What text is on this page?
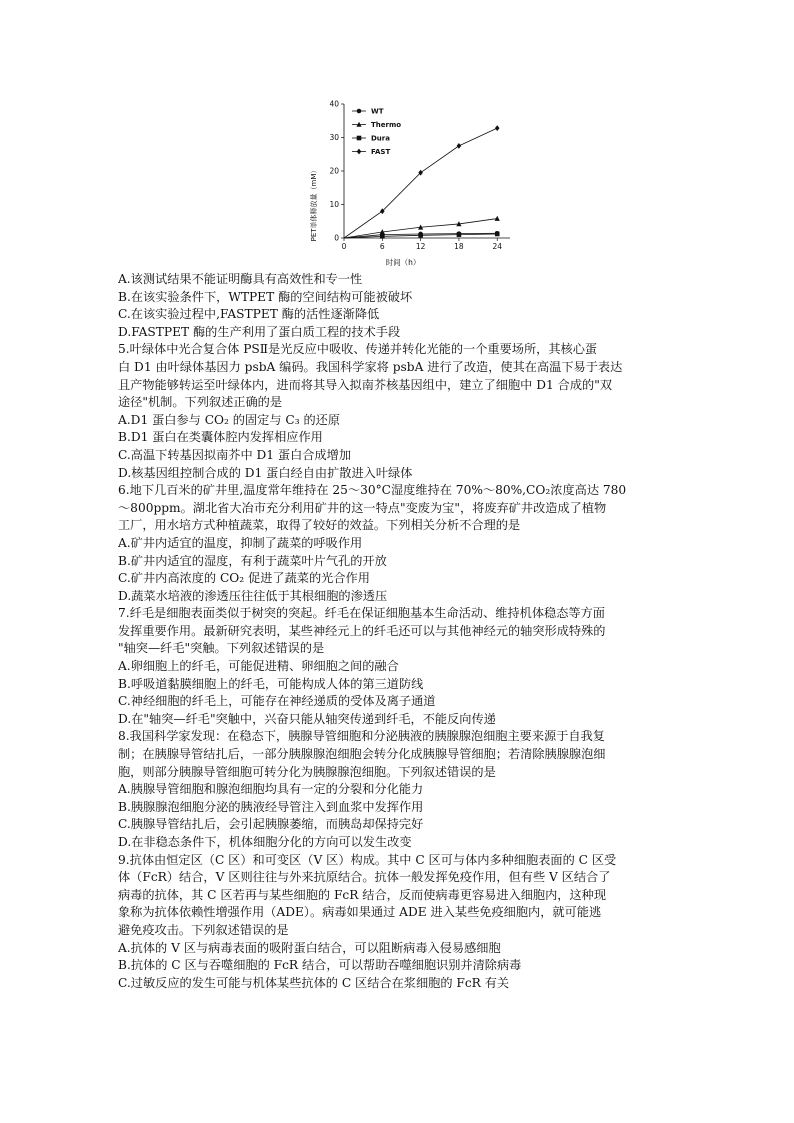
0	6	12	18	24
0
10
20
30
40
WT
Thermo
Dura
FAST
PET单体释放量（mM）
时间（h）
A.该测试结果不能证明酶具有高效性和专一性
B.在该实验条件下，WTPET 酶的空间结构可能被破坏
C.在该实验过程中,FASTPET 酶的活性逐渐降低
D.FASTPET 酶的生产利用了蛋白质工程的技术手段
5.叶绿体中光合复合体 PSⅡ是光反应中吸收、传递并转化光能的一个重要场所，其核心蛋
白 D1 由叶绿体基因力 psbA 编码。我国科学家将 psbA 进行了改造，使其在高温下易于表达
且产物能够转运至叶绿体内，进而将其导入拟南芥核基因组中，建立了细胞中 D1 合成的"双
途径"机制。下列叙述正确的是
A.D1 蛋白参与 CO₂ 的固定与 C₃ 的还原
B.D1 蛋白在类囊体腔内发挥相应作用
C.高温下转基因拟南芥中 D1 蛋白合成增加
D.核基因组控制合成的 D1 蛋白经自由扩散进入叶绿体
6.地下几百米的矿井里,温度常年维持在 25～30°C湿度维持在 70%～80%,CO₂浓度高达 780
～800ppm。湖北省大冶市充分利用矿井的这一特点"变废为宝"，将废弃矿井改造成了植物
工厂，用水培方式种植蔬菜，取得了较好的效益。下列相关分析不合理的是
A.矿井内适宜的温度，抑制了蔬菜的呼吸作用
B.矿井内适宜的湿度，有利于蔬菜叶片气孔的开放
C.矿井内高浓度的 CO₂ 促进了蔬菜的光合作用
D.蔬菜水培液的渗透压往往低于其根细胞的渗透压
7.纤毛是细胞表面类似于树突的突起。纤毛在保证细胞基本生命活动、维持机体稳态等方面
发挥重要作用。最新研究表明，某些神经元上的纤毛还可以与其他神经元的轴突形成特殊的
"轴突—纤毛"突触。下列叙述错误的是
A.卵细胞上的纤毛，可能促进精、卵细胞之间的融合
B.呼吸道黏膜细胞上的纤毛，可能构成人体的第三道防线
C.神经细胞的纤毛上，可能存在神经递质的受体及离子通道
D.在"轴突—纤毛"突触中，兴奋只能从轴突传递到纤毛，不能反向传递
8.我国科学家发现：在稳态下，胰腺导管细胞和分泌胰液的胰腺腺泡细胞主要来源于自我复
制；在胰腺导管结扎后，一部分胰腺腺泡细胞会转分化成胰腺导管细胞；若清除胰腺腺泡细
胞，则部分胰腺导管细胞可转分化为胰腺腺泡细胞。下列叙述错误的是
A.胰腺导管细胞和腺泡细胞均具有一定的分裂和分化能力
B.胰腺腺泡细胞分泌的胰液经导管注入到血浆中发挥作用
C.胰腺导管结扎后，会引起胰腺萎缩，而胰岛却保持完好
D.在非稳态条件下，机体细胞分化的方向可以发生改变
9.抗体由恒定区（C 区）和可变区（V 区）构成。其中 C 区可与体内多种细胞表面的 C 区受
体（FcR）结合，V 区则往往与外来抗原结合。抗体一般发挥免疫作用，但有些 V 区结合了
病毒的抗体，其 C 区若再与某些细胞的 FcR 结合，反而使病毒更容易进入细胞内，这种现
象称为抗体依赖性增强作用（ADE）。病毒如果通过 ADE 进入某些免疫细胞内，就可能逃
避免疫攻击。下列叙述错误的是
A.抗体的 V 区与病毒表面的吸附蛋白结合，可以阻断病毒入侵易感细胞
B.抗体的 C 区与吞噬细胞的 FcR 结合，可以帮助吞噬细胞识别并清除病毒
C.过敏反应的发生可能与机体某些抗体的 C 区结合在浆细胞的 FcR 有关
